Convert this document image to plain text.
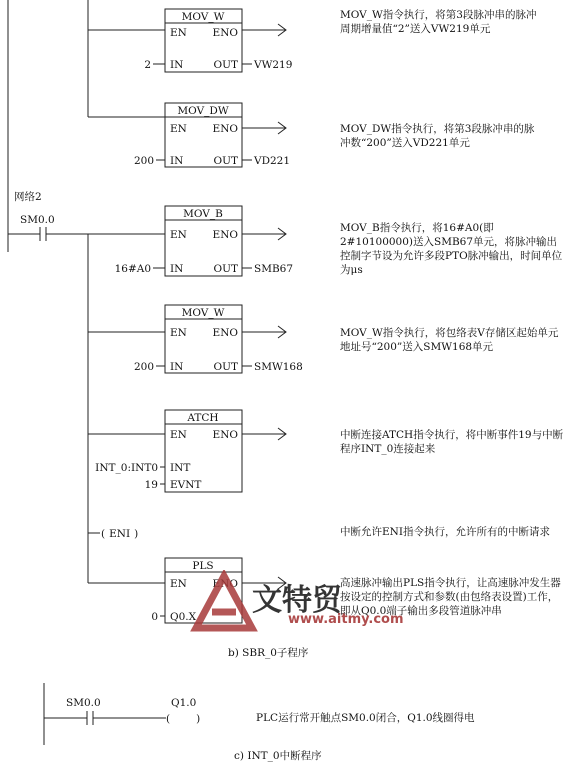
MOV_W
EN ENO
IN	OUT
2	VW219
MOV_DW
EN ENO
IN	OUT
200	VD221
MOV_B
EN ENO
IN	OUT
16#A0	SMB67
MOV_W
EN ENO
IN	OUT
200	SMW168
ATCH
EN ENO
INT
EVNT
INT_0:INT0
19
( ENI )
PLS
EN ENO
Q0.X
0
网络2
SM0.0
SM0.0	Q1.0
( )
MOV_W指令执行，将第3段脉冲串的脉冲周期增量值“2”送入VW219单元
MOV_DW指令执行，将第3段脉冲串的脉冲数“200”送入VD221单元
MOV_B指令执行，将16#A0(即2#10100000)送入SMB67单元，将脉冲输出控制字节设为允许多段PTO脉冲输出，时间单位为μs
MOV_W指令执行，将包络表V存储区起始单元地址号“200”送入SMW168单元
中断连接ATCH指令执行，将中断事件19与中断程序INT_0连接起来
中断允许ENI指令执行，允许所有的中断请求
高速脉冲输出PLS指令执行，让高速脉冲发生器按设定的控制方式和参数(由包络表设置)工作，即从Q0.0端子输出多段管道脉冲串
PLC运行常开触点SM0.0闭合，Q1.0线圈得电
文特贸
www.aitmy.com
b) SBR_0子程序
c) INT_0中断程序
